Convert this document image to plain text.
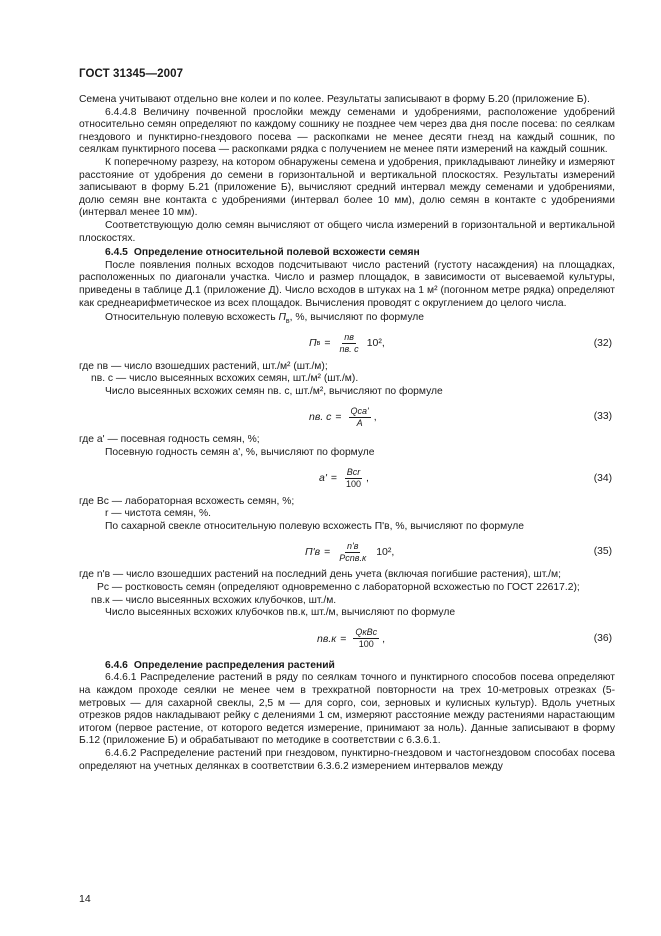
ГОСТ 31345—2007

Семена учитывают отдельно вне колеи и по колее. Результаты записывают в форму Б.20 (приложение Б).

6.4.4.8 Величину почвенной прослойки между семенами и удобрениями, расположение удобрений относительно семян определяют по каждому сошнику не позднее чем через два дня после посева: по сеялкам гнездового и пунктирно-гнездового посева — раскопками не менее десяти гнезд на каждый сошник, по сеялкам пунктирного посева — раскопками рядка с получением не менее пяти измерений на каждый сошник.

К поперечному разрезу, на котором обнаружены семена и удобрения, прикладывают линейку и измеряют расстояние от удобрения до семени в горизонтальной и вертикальной плоскостях. Результаты измерений записывают в форму Б.21 (приложение Б), вычисляют средний интервал между семенами и удобрениями, долю семян вне контакта с удобрениями (интервал более 10 мм), долю семян в контакте с удобрениями (интервал менее 10 мм).

Соответствующую долю семян вычисляют от общего числа измерений в горизонтальной и вертикальной плоскостях.

6.4.5 Определение относительной полевой всхожести семян

После появления полных всходов подсчитывают число растений (густоту насаждения) на площадках, расположенных по диагонали участка. Число и размер площадок, в зависимости от высеваемой культуры, приведены в таблице Д.1 (приложение Д). Число всходов в штуках на 1 м² (погонном метре рядка) определяют как среднеарифметическое из всех площадок. Вычисления проводят с округлением до целого числа.

Относительную полевую всхожесть $П_в$, %, вычисляют по формуле

П $в = \frac{nв}{nв. с} 10^2$,	(32)

где nв — число взошедших растений, шт./м² (шт./м);

nв. с — число высеянных всхожих семян, шт./м² (шт./м).

Число высеянных всхожих семян nв. с, шт./м², вычисляют по формуле

nв. $с = \frac{\text{Qса'}}{A}$ ,	(33)

где a' — посевная годность семян, %;

Посевную годность семян а', %, вычисляют по формуле

$a' = \frac{\text{Bсr}}{100}$ ,	(34)

где Bс — лабораторная всхожесть семян, %;

r — чистота семян, %.

По сахарной свекле относительную полевую всхожесть П'в, %, вычисляют по формуле

$П'в = \frac{n'в}{\text{Pсnв.к}} 10^2$,	(35)

где n'в — число взошедших растений на последний день учета (включая погибшие растения), шт./м;

Pс — ростковость семян (определяют одновременно с лабораторной всхожестью по ГОСТ 22617.2);

nв.к — число высеянных всхожих клубочков, шт./м.

Число высеянных всхожих клубочков nв.к, шт./м, вычисляют по формуле

$nв.к = \frac{\text{QкBс}}{100}$ ,	(36)

6.4.6 Определение распределения растений

6.4.6.1 Распределение растений в ряду по сеялкам точного и пунктирного способов посева определяют на каждом проходе сеялки не менее чем в трехкратной повторности на трех 10-метровых отрезках (5-метровых — для сахарной свеклы, 2,5 м — для сорго, сои, зерновых и кулисных культур). Вдоль учетных отрезков рядов накладывают рейку с делениями 1 см, измеряют расстояние между растениями нарастающим итогом (первое растение, от которого ведется измерение, принимают за ноль). Данные записывают в форму Б.12 (приложение Б) и обрабатывают по методике в соответствии с 6.3.6.1.

6.4.6.2 Распределение растений при гнездовом, пунктирно-гнездовом и частогнездовом способах посева определяют на учетных делянках в соответствии 6.3.6.2 измерением интервалов между

14
